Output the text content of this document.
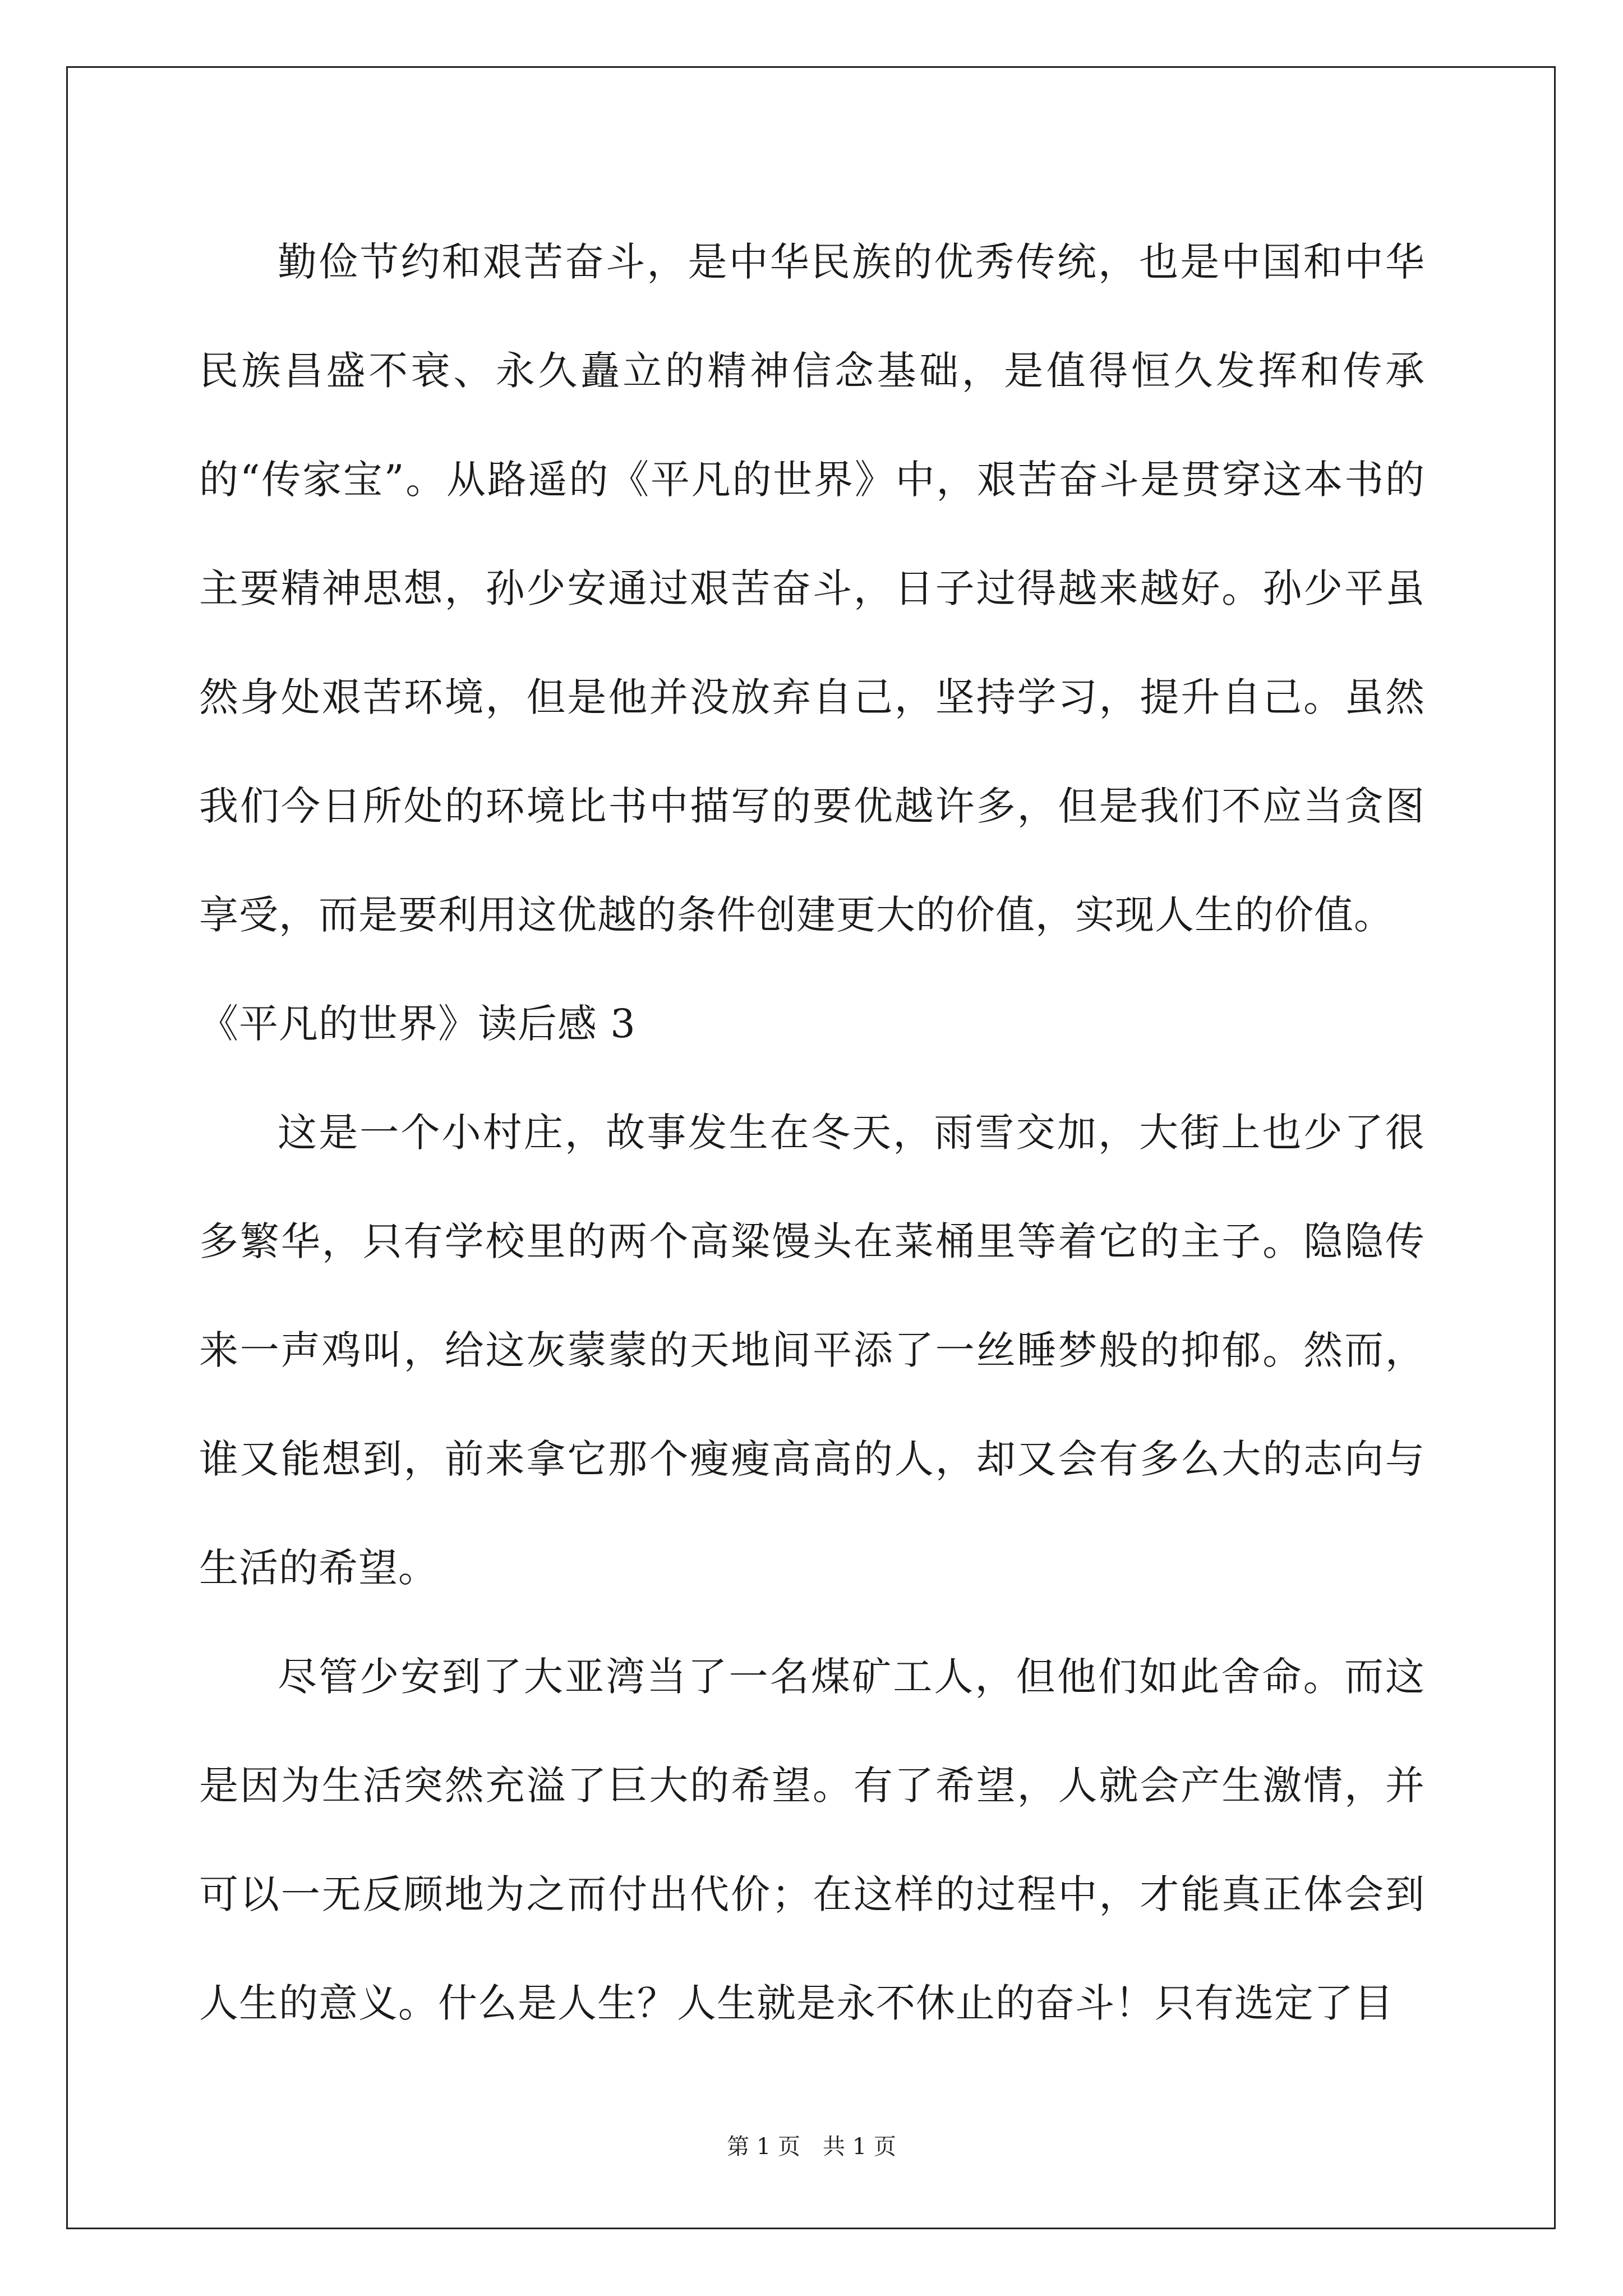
勤俭节约和艰苦奋斗，是中华民族的优秀传统，也是中国和中华民族昌盛不衰、永久矗立的精神信念基础，是值得恒久发挥和传承的“传家宝”。从路遥的《平凡的世界》中，艰苦奋斗是贯穿这本书的主要精神思想，孙少安通过艰苦奋斗，日子过得越来越好。孙少平虽然身处艰苦环境，但是他并没放弃自己，坚持学习，提升自己。虽然我们今日所处的环境比书中描写的要优越许多，但是我们不应当贪图享受，而是要利用这优越的条件创建更大的价值，实现人生的价值。

《平凡的世界》读后感 3

这是一个小村庄，故事发生在冬天，雨雪交加，大街上也少了很多繁华，只有学校里的两个高粱馒头在菜桶里等着它的主子。隐隐传来一声鸡叫，给这灰蒙蒙的天地间平添了一丝睡梦般的抑郁。然而，谁又能想到，前来拿它那个瘦瘦高高的人，却又会有多么大的志向与生活的希望。

尽管少安到了大亚湾当了一名煤矿工人，但他们如此舍命。而这是因为生活突然充溢了巨大的希望。有了希望，人就会产生激情，并可以一无反顾地为之而付出代价；在这样的过程中，才能真正体会到人生的意义。什么是人生？人生就是永不休止的奋斗！只有选定了目

第 1 页 共 1 页
